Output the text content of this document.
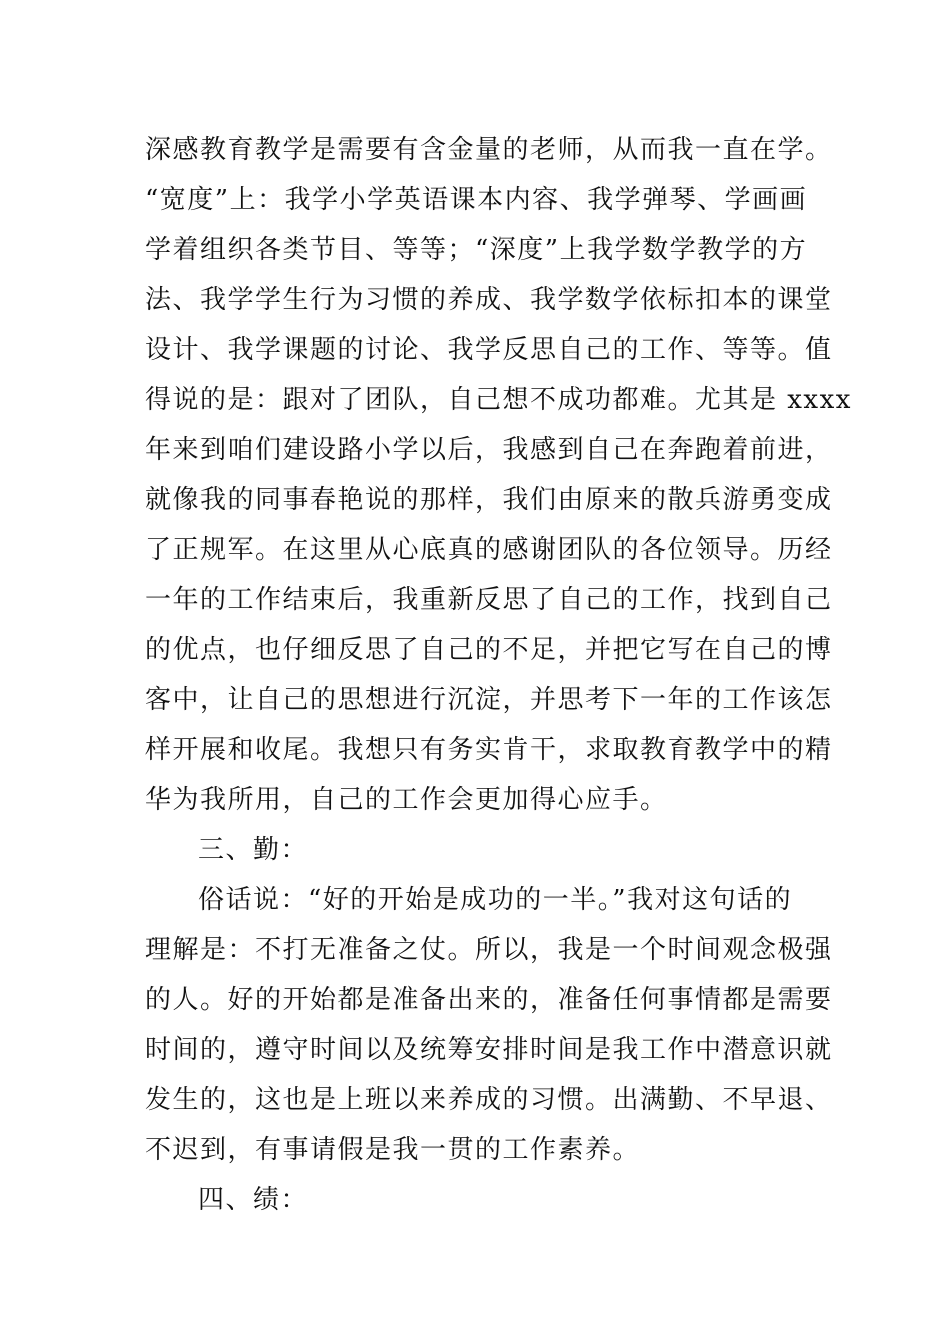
深感教育教学是需要有含金量的老师，从而我一直在学。

“宽度”上：我学小学英语课本内容、我学弹琴、学画画

学着组织各类节目、等等；“深度”上我学数学教学的方

法、我学学生行为习惯的养成、我学数学依标扣本的课堂

设计、我学课题的讨论、我学反思自己的工作、等等。值

得说的是：跟对了团队，自己想不成功都难。尤其是 xxxx

年来到咱们建设路小学以后，我感到自己在奔跑着前进，

就像我的同事春艳说的那样，我们由原来的散兵游勇变成

了正规军。在这里从心底真的感谢团队的各位领导。历经

一年的工作结束后，我重新反思了自己的工作，找到自己

的优点，也仔细反思了自己的不足，并把它写在自己的博

客中，让自己的思想进行沉淀，并思考下一年的工作该怎

样开展和收尾。我想只有务实肯干，求取教育教学中的精

华为我所用，自己的工作会更加得心应手。

三、勤：

俗话说：“好的开始是成功的一半。”我对这句话的

理解是：不打无准备之仗。所以，我是一个时间观念极强

的人。好的开始都是准备出来的，准备任何事情都是需要

时间的，遵守时间以及统筹安排时间是我工作中潜意识就

发生的，这也是上班以来养成的习惯。出满勤、不早退、

不迟到，有事请假是我一贯的工作素养。

四、绩：
